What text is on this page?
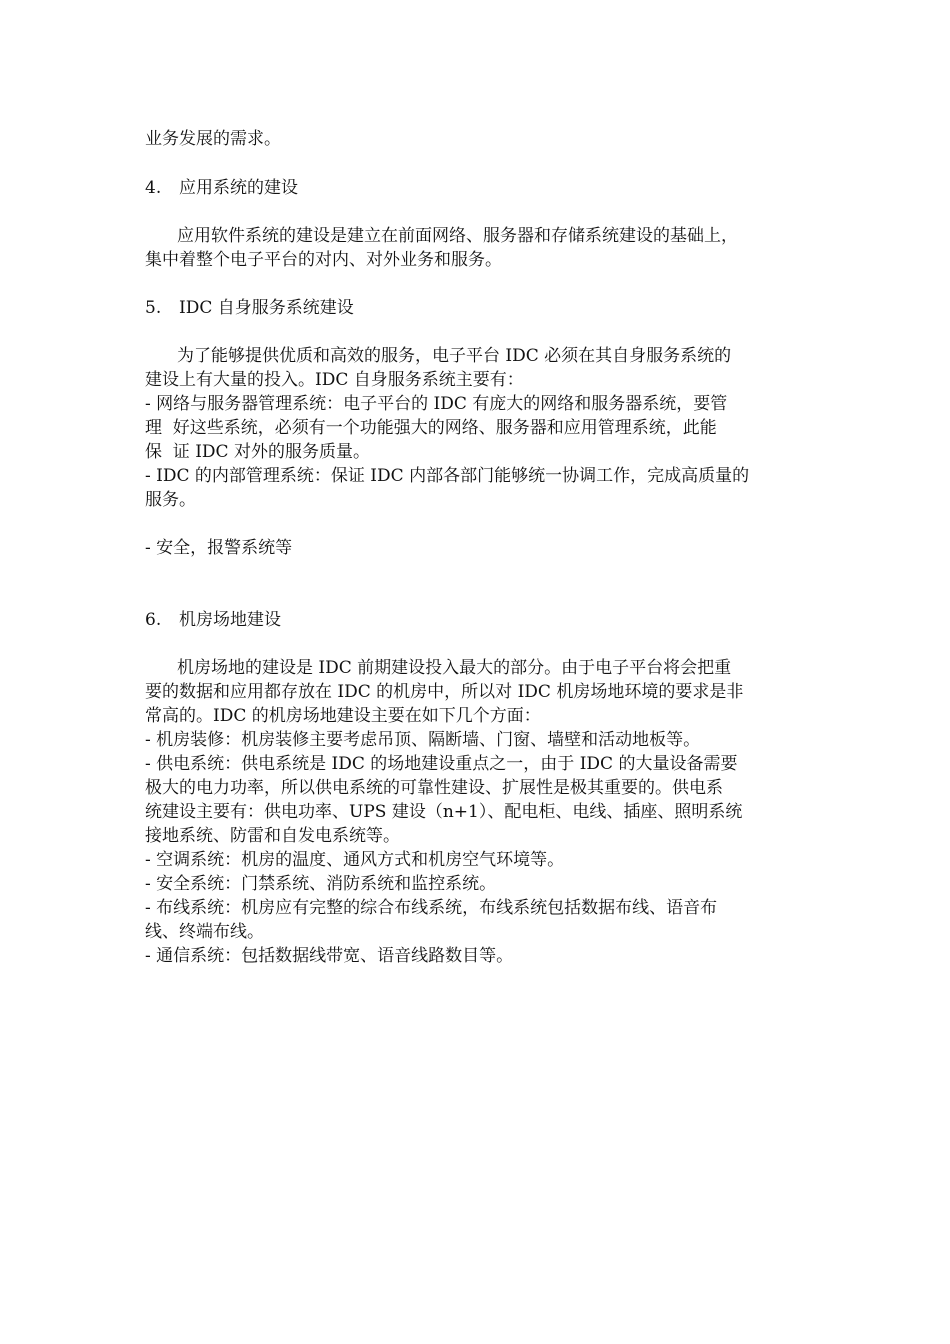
业务发展的需求。
4. 应用系统的建设
应用软件系统的建设是建立在前面网络、服务器和存储系统建设的基础上，
集中着整个电子平台的对内、对外业务和服务。
5. IDC 自身服务系统建设
为了能够提供优质和高效的服务，电子平台 IDC 必须在其自身服务系统的
建设上有大量的投入。IDC 自身服务系统主要有：
- 网络与服务器管理系统：电子平台的 IDC 有庞大的网络和服务器系统，要管
理  好这些系统，必须有一个功能强大的网络、服务器和应用管理系统，此能
保  证 IDC 对外的服务质量。
- IDC 的内部管理系统：保证 IDC 内部各部门能够统一协调工作，完成高质量的
服务。
- 安全，报警系统等
6. 机房场地建设
机房场地的建设是 IDC 前期建设投入最大的部分。由于电子平台将会把重
要的数据和应用都存放在 IDC 的机房中，所以对 IDC 机房场地环境的要求是非
常高的。IDC 的机房场地建设主要在如下几个方面：
- 机房装修：机房装修主要考虑吊顶、隔断墙、门窗、墙壁和活动地板等。
- 供电系统：供电系统是 IDC 的场地建设重点之一，由于 IDC 的大量设备需要
极大的电力功率，所以供电系统的可靠性建设、扩展性是极其重要的。供电系
统建设主要有：供电功率、UPS 建设（n+1）、配电柜、电线、插座、照明系统
接地系统、防雷和自发电系统等。
- 空调系统：机房的温度、通风方式和机房空气环境等。
- 安全系统：门禁系统、消防系统和监控系统。
- 布线系统：机房应有完整的综合布线系统，布线系统包括数据布线、语音布
线、终端布线。
- 通信系统：包括数据线带宽、语音线路数目等。
